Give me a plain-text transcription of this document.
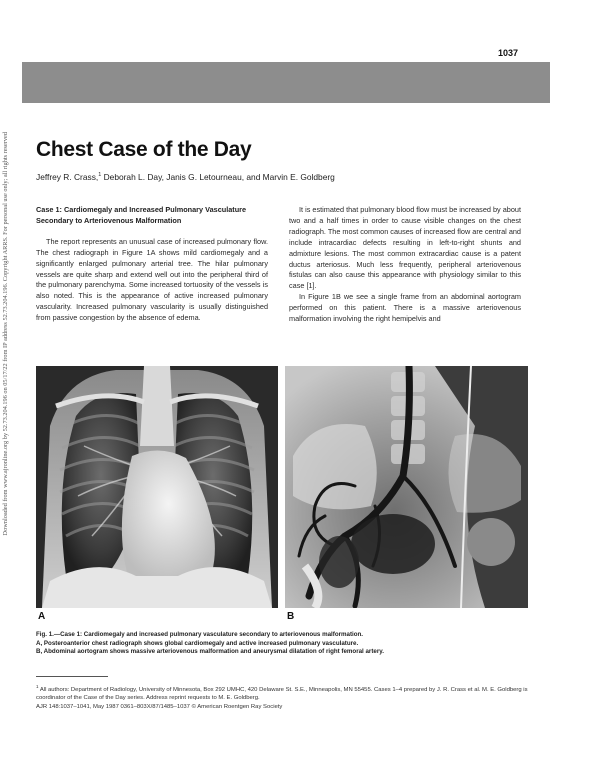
1037
Downloaded from www.ajronline.org by 52.73.204.196 on 05/17/22 from IP address 52.73.204.196. Copyright ARRS. For personal use only; all rights reserved Chest Case of the Day
Jeffrey R. Crass,$^1$ Deborah L. Day, Janis G. Letourneau, and Marvin E. Goldberg
Case 1: Cardiomegaly and Increased Pulmonary Vasculature Secondary to Arteriovenous Malformation

The report represents an unusual case of increased pulmonary flow. The chest radiograph in Figure 1A shows mild cardiomegaly and a significantly enlarged pulmonary arterial tree. The hilar pulmonary vessels are quite sharp and extend well out into the peripheral third of the pulmonary parenchyma. Some increased tortuosity of the vessels is also noted. This is the appearance of active increased pulmonary vascularity. Increased pulmonary vascularity is usually distinguished from passive congestion by the absence of edema.

It is estimated that pulmonary blood flow must be increased by about two and a half times in order to cause visible changes on the chest radiograph. The most common causes of increased flow are central and include intracardiac defects resulting in left-to-right shunts and admixture lesions. The most common extracardiac cause is a patent ductus arteriosus. Much less frequently, peripheral arteriovenous fistulas can also cause this appearance with physiology similar to this case [1].

In Figure 1B we see a single frame from an abdominal aortogram performed on this patient. There is a massive arteriovenous malformation involving the right hemipelvis and

A	B
Fig. 1.—Case 1: Cardiomegaly and increased pulmonary vasculature secondary to arteriovenous malformation.
A, Posteroanterior chest radiograph shows global cardiomegaly and active increased pulmonary vasculature.
B, Abdominal aortogram shows massive arteriovenous malformation and aneurysmal dilatation of right femoral artery.
$^1$ All authors: Department of Radiology, University of Minnesota, Box 292 UMHC, 420 Delaware St. S.E., Minneapolis, MN 55455. Cases 1–4 prepared by J. R. Crass et al. M. E. Goldberg is coordinator of the Case of the Day series. Address reprint requests to M. E. Goldberg.
AJR 148:1037–1041, May 1987 0361–803X/87/1485–1037 © American Roentgen Ray Society
